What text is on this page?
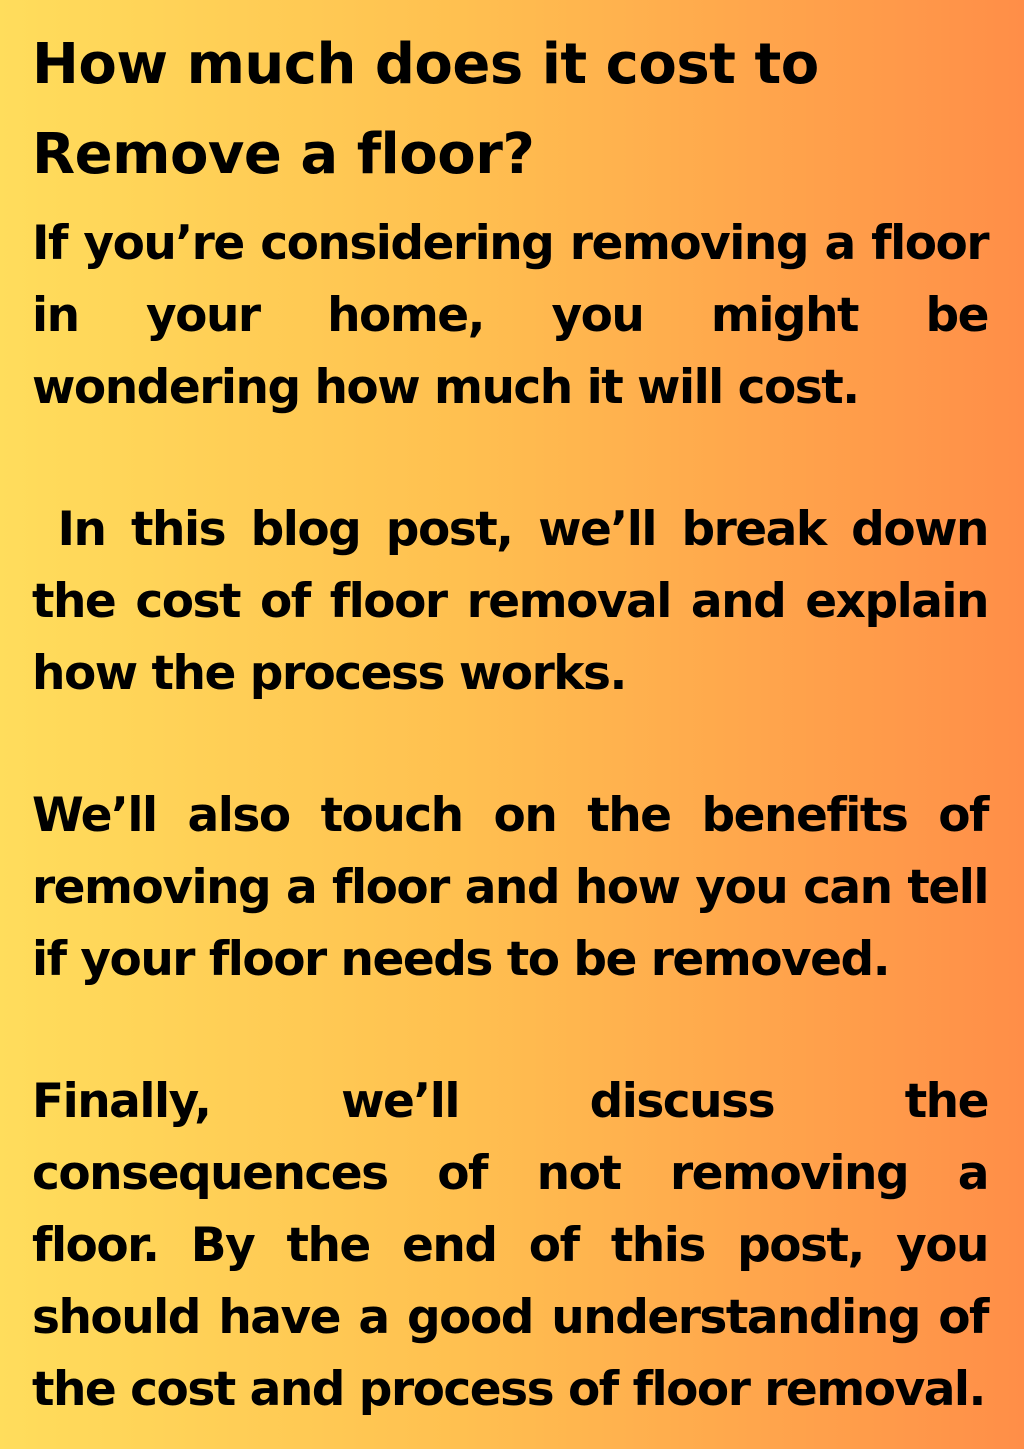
How much does it cost to
Remove a floor?

If you’re considering removing a floor in your home, you might be wondering how much it will cost.

In this blog post, we’ll break down the cost of floor removal and explain how the process works.

We’ll also touch on the benefits of removing a floor and how you can tell if your floor needs to be removed.

Finally, we’ll discuss the consequences of not removing a floor. By the end of this post, you should have a good understanding of the cost and process of floor removal.
